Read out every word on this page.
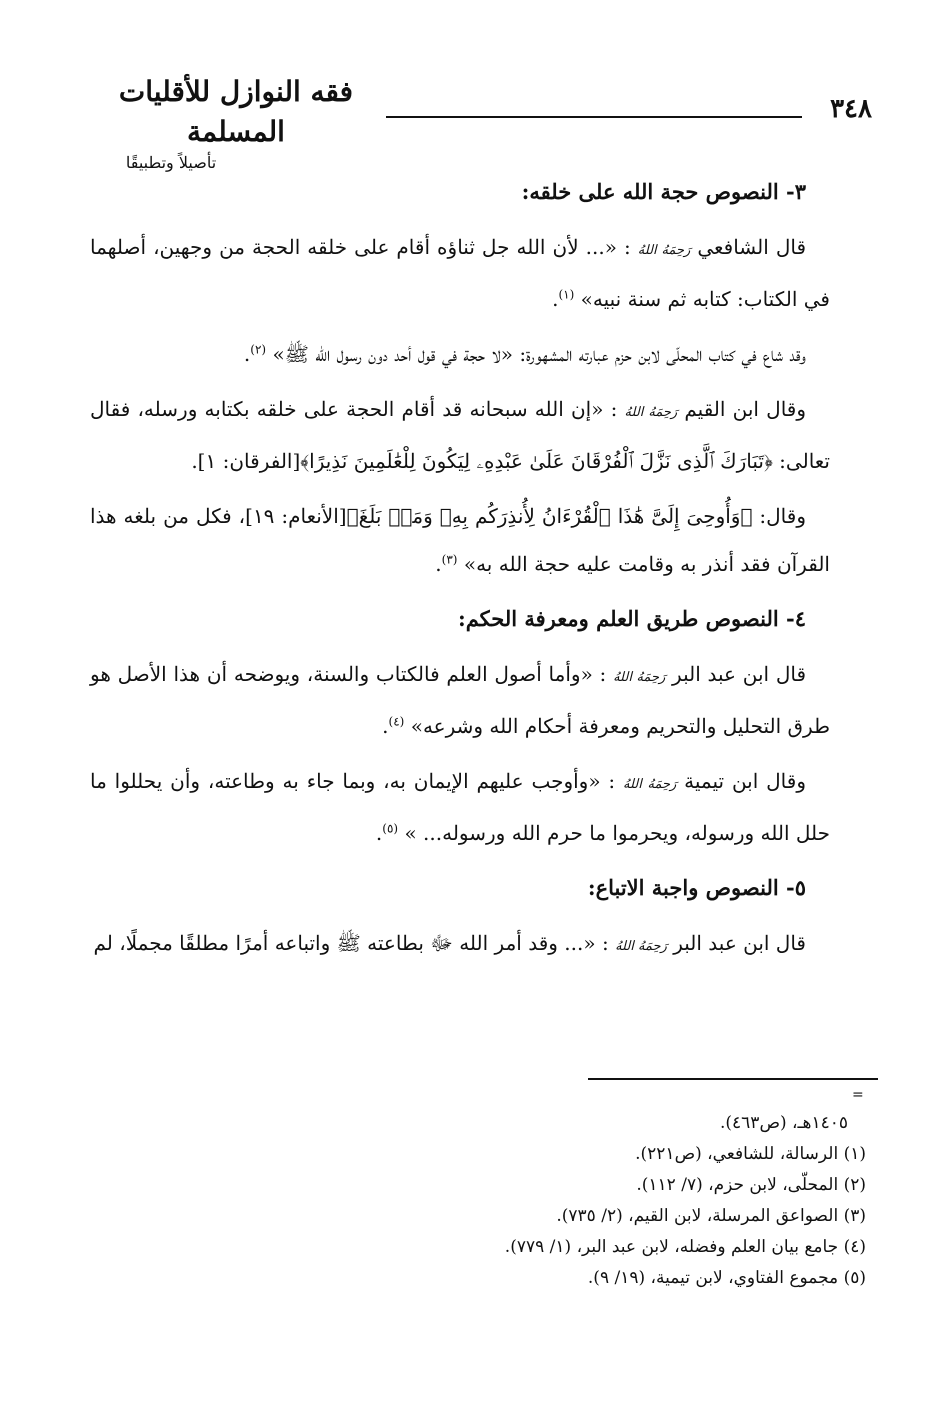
فقه النوازل للأقليات المسلمة
تأصيلاً وتطبيقًا
٣٤٨
٣- النصوص حجة الله على خلقه:

قال الشافعي رَحِمَهُ اللهُ : «... لأن الله جل ثناؤه أقام على خلقه الحجة من وجهين، أصلهما في الكتاب: كتابه ثم سنة نبيه» $^{(١)}$.

وقد شاع في كتاب المحلّى لابن حزم عبارته المشهورة: «لا حجة في قول أحد دون رسول الله ﷺ» $^{(٢)}$.

وقال ابن القيم رَحِمَهُ اللهُ : «إن الله سبحانه قد أقام الحجة على خلقه بكتابه ورسله، فقال تعالى: ﴿تَبَارَكَ ٱلَّذِى نَزَّلَ ٱلْفُرْقَانَ عَلَىٰ عَبْدِهِۦ لِيَكُونَ لِلْعَٰلَمِينَ نَذِيرًا﴾[الفرقان: ١].

وقال: ﴿وَأُوحِىَ إِلَىَّ هَٰذَا ٱلْقُرْءَانُ لِأُنذِرَكُم بِهِۦ وَمَنۢ بَلَغَ﴾[الأنعام: ١٩]، فكل من بلغه هذا القرآن فقد أنذر به وقامت عليه حجة الله به» $^{(٣)}$.

٤- النصوص طريق العلم ومعرفة الحكم:

قال ابن عبد البر رَحِمَهُ اللهُ : «وأما أصول العلم فالكتاب والسنة، ويوضحه أن هذا الأصل هو طرق التحليل والتحريم ومعرفة أحكام الله وشرعه» $^{(٤)}$.

وقال ابن تيمية رَحِمَهُ اللهُ : «وأوجب عليهم الإيمان به، وبما جاء به وطاعته، وأن يحللوا ما حلل الله ورسوله، ويحرموا ما حرم الله ورسوله... » $^{(٥)}$.

٥- النصوص واجبة الاتباع:

قال ابن عبد البر رَحِمَهُ اللهُ : «... وقد أمر الله ﷻ بطاعته ﷺ واتباعه أمرًا مطلقًا مجملًا، لم

=
١٤٠٥هـ، (ص٤٦٣).
(١) الرسالة، للشافعي، (ص٢٢١).
(٢) المحلّى، لابن حزم، (٧/ ١١٢).
(٣) الصواعق المرسلة، لابن القيم، (٢/ ٧٣٥).
(٤) جامع بيان العلم وفضله، لابن عبد البر، (١/ ٧٧٩).
(٥) مجموع الفتاوي، لابن تيمية، (١٩/ ٩).
